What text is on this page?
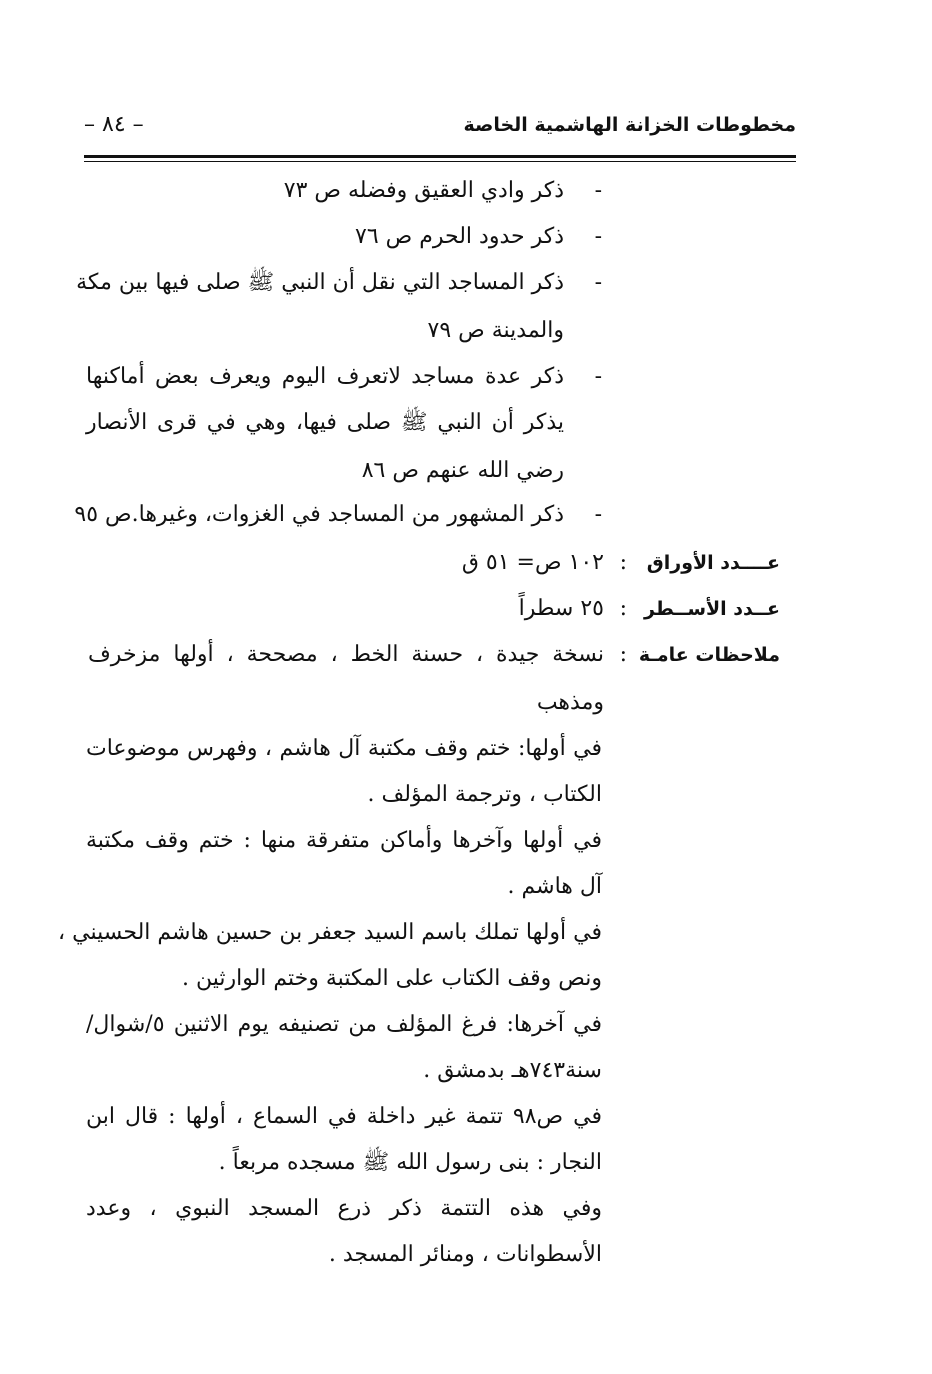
مخطوطات الخزانة الهاشمية الخاصة
– ٨٤ –
-
ذكر وادي العقيق وفضله ص ٧٣
-
ذكر حدود الحرم ص ٧٦
-
ذكر المساجد التي نقل أن النبي ﷺ صلى فيها بين مكة
والمدينة ص ٧٩
-
ذكر عدة مساجد لاتعرف اليوم ويعرف بعض أماكنها
يذكر أن النبي ﷺ صلى فيها، وهي في قرى الأنصار
رضي الله عنهم ص ٨٦
-
ذكر المشهور من المساجد في الغزوات، وغيرها.ص ٩٥
عــــدد الأوراق
:
١٠٢ ص= ٥١ ق
عــدد الأســطر
:
٢٥ سطراً
ملاحظات عامـة
:
نسخة جيدة ، حسنة الخط ، مصححة ، أولها مزخرف
ومذهب
في أولها: ختم وقف مكتبة آل هاشم ، وفهرس موضوعات
الكتاب ، وترجمة المؤلف .
في أولها وآخرها وأماكن متفرقة منها : ختم وقف مكتبة
آل هاشم .
في أولها تملك باسم السيد جعفر بن حسين هاشم الحسيني ،
ونص وقف الكتاب على المكتبة وختم الوارثين .
في آخرها: فرغ المؤلف من تصنيفه يوم الاثنين ٥/شوال/
سنة٧٤٣هـ بدمشق .
في ص٩٨ تتمة غير داخلة في السماع ، أولها : قال ابن
النجار : بنى رسول الله ﷺ مسجده مربعاً .
وفي هذه التتمة ذكر ذرع المسجد النبوي ، وعدد
الأسطوانات ، ومنائر المسجد .
